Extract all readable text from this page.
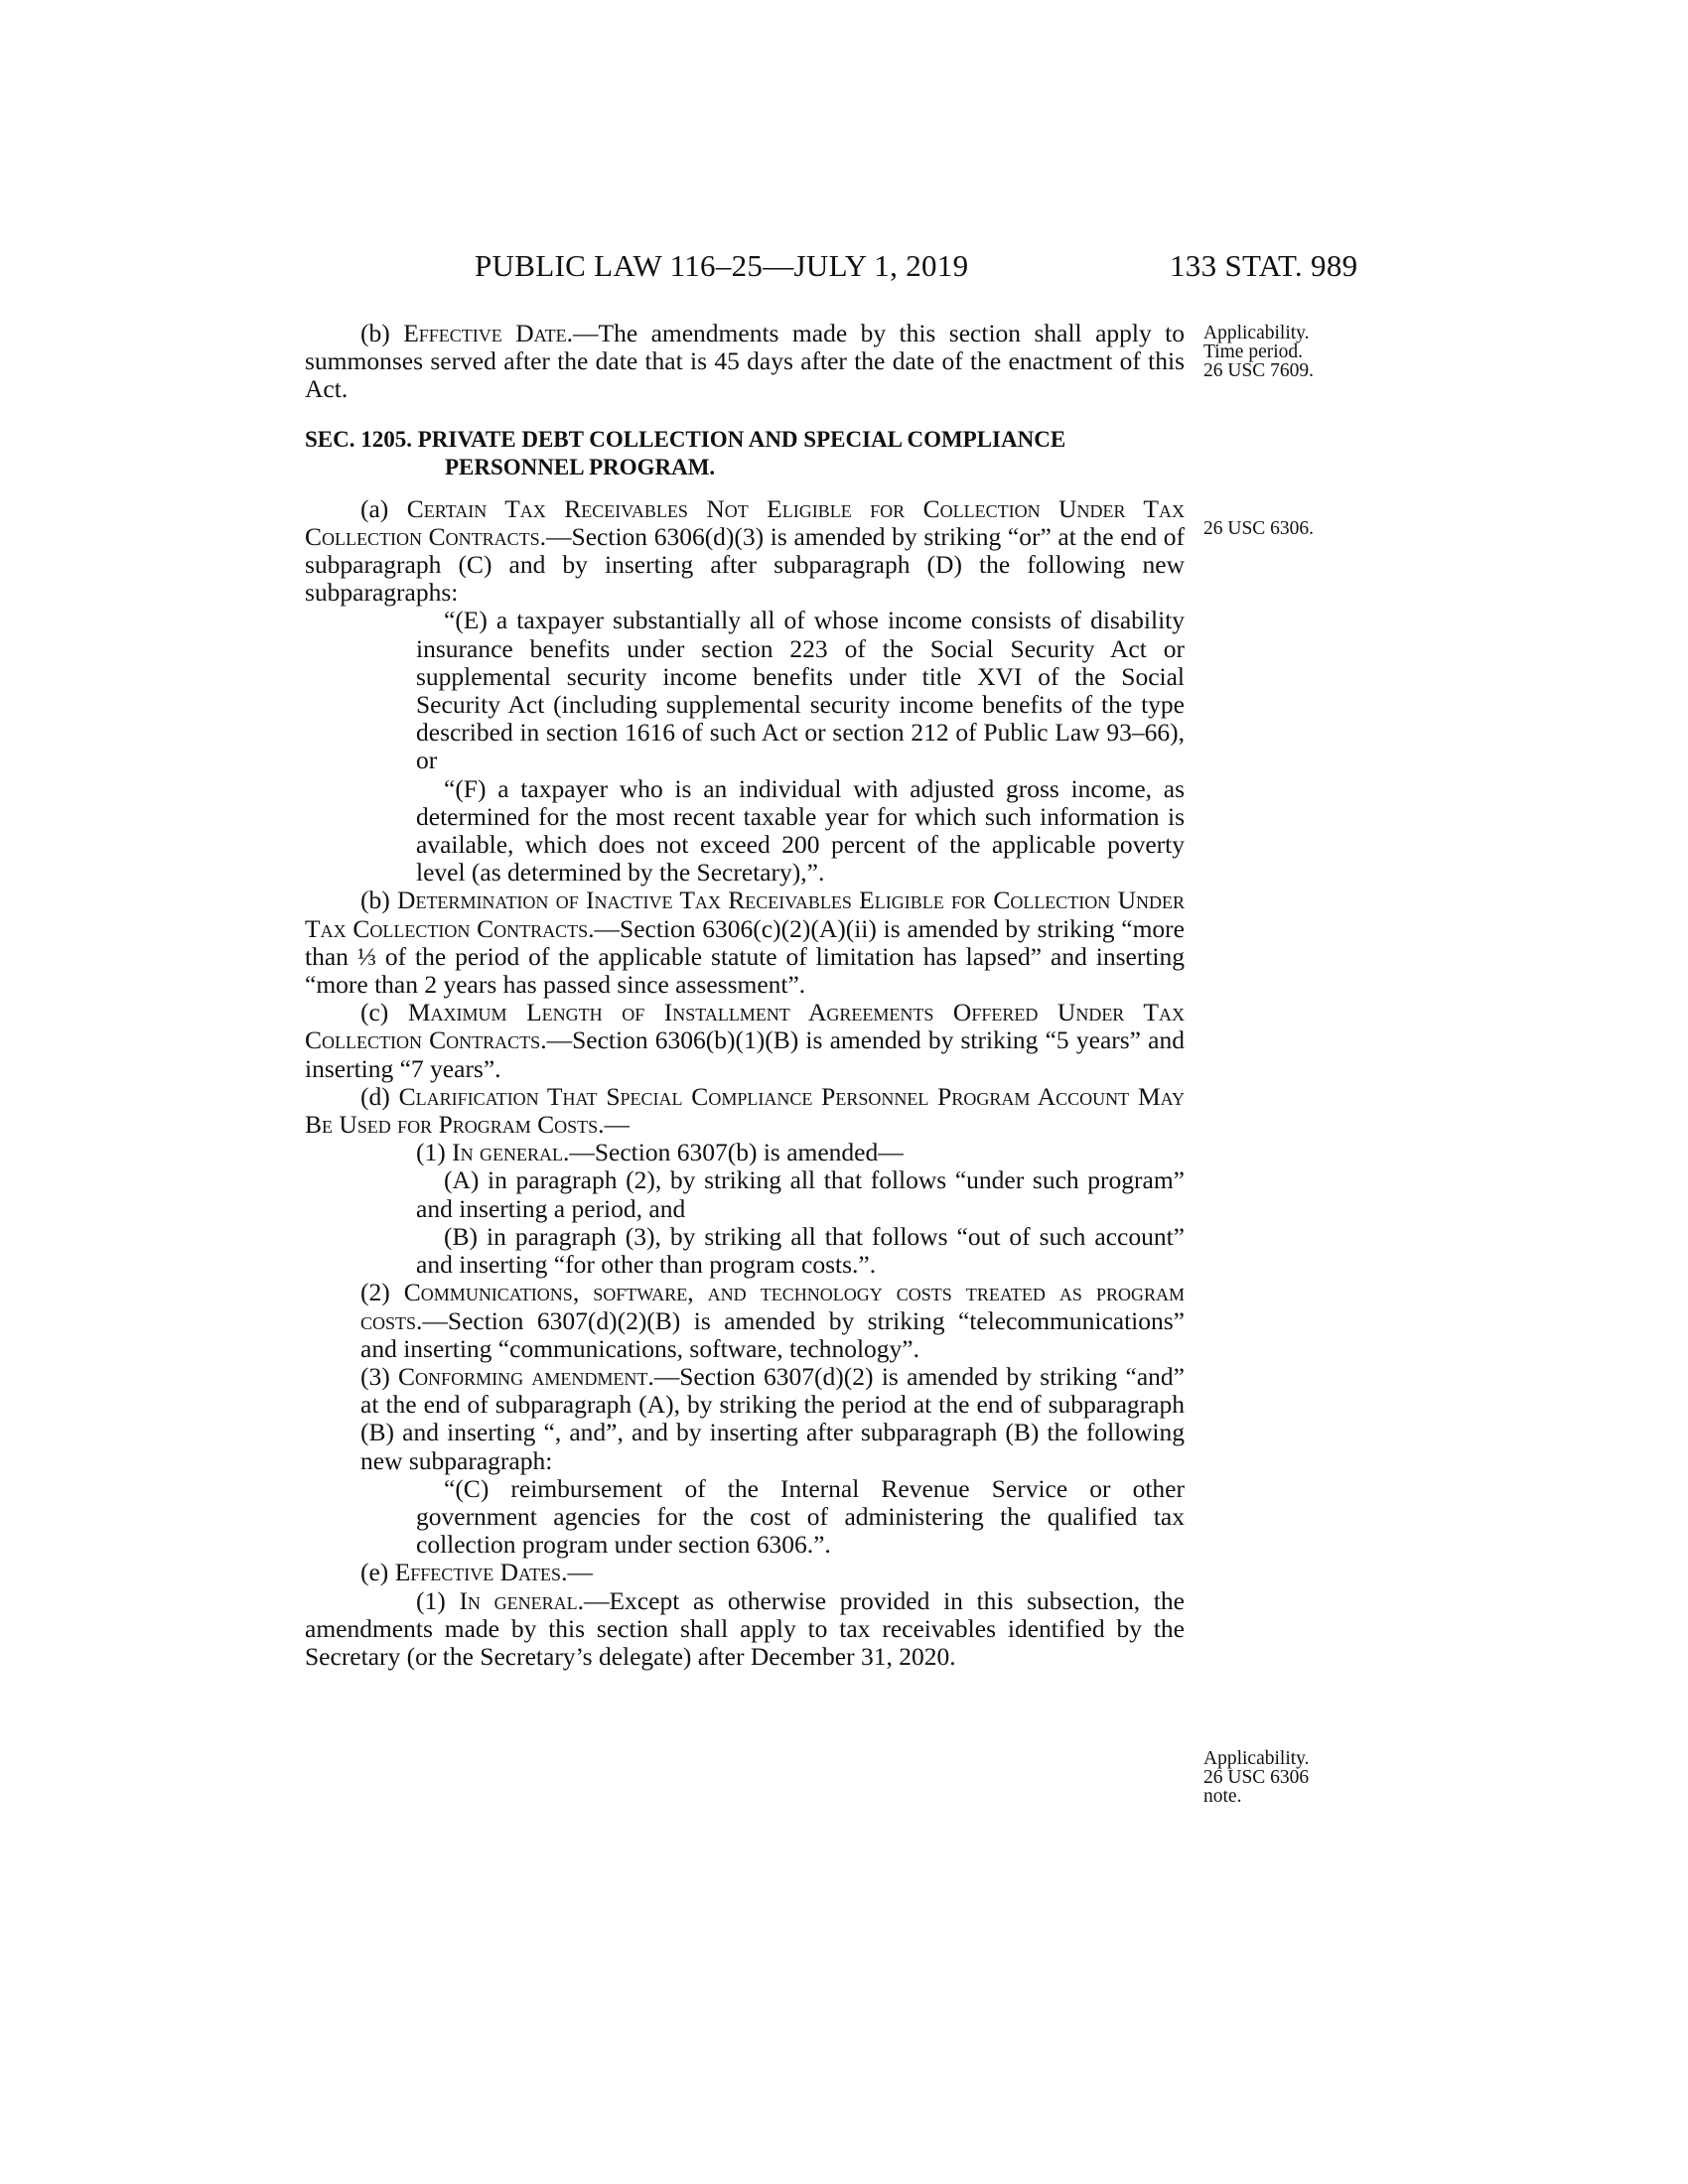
PUBLIC LAW 116–25—JULY 1, 2019	133 STAT. 989
Applicability.
Time period.
26 USC 7609.
26 USC 6306.
Applicability.
26 USC 6306
note.

(b) Effective Date.—The amendments made by this section shall apply to summonses served after the date that is 45 days after the date of the enactment of this Act.

SEC. 1205. PRIVATE DEBT COLLECTION AND SPECIAL COMPLIANCE
PERSONNEL PROGRAM.

(a) Certain Tax Receivables Not Eligible for Collection Under Tax Collection Contracts.—Section 6306(d)(3) is amended by striking “or” at the end of subparagraph (C) and by inserting after subparagraph (D) the following new subparagraphs:

“(E) a taxpayer substantially all of whose income consists of disability insurance benefits under section 223 of the Social Security Act or supplemental security income benefits under title XVI of the Social Security Act (including supplemental security income benefits of the type described in section 1616 of such Act or section 212 of Public Law 93–66), or

“(F) a taxpayer who is an individual with adjusted gross income, as determined for the most recent taxable year for which such information is available, which does not exceed 200 percent of the applicable poverty level (as determined by the Secretary),”.

(b) Determination of Inactive Tax Receivables Eligible for Collection Under Tax Collection Contracts.—Section 6306(c)(2)(A)(ii) is amended by striking “more than ⅓ of the period of the applicable statute of limitation has lapsed” and inserting “more than 2 years has passed since assessment”.

(c) Maximum Length of Installment Agreements Offered Under Tax Collection Contracts.—Section 6306(b)(1)(B) is amended by striking “5 years” and inserting “7 years”.

(d) Clarification That Special Compliance Personnel Program Account May Be Used for Program Costs.—

(1) In general.—Section 6307(b) is amended—

(A) in paragraph (2), by striking all that follows “under such program” and inserting a period, and

(B) in paragraph (3), by striking all that follows “out of such account” and inserting “for other than program costs.”.

(2) Communications, software, and technology costs treated as program costs.—Section 6307(d)(2)(B) is amended by striking “telecommunications” and inserting “communications, software, technology”.

(3) Conforming amendment.—Section 6307(d)(2) is amended by striking “and” at the end of subparagraph (A), by striking the period at the end of subparagraph (B) and inserting “, and”, and by inserting after subparagraph (B) the following new subparagraph:

“(C) reimbursement of the Internal Revenue Service or other government agencies for the cost of administering the qualified tax collection program under section 6306.”.

(e) Effective Dates.—

(1) In general.—Except as otherwise provided in this subsection, the amendments made by this section shall apply to tax receivables identified by the Secretary (or the Secretary’s delegate) after December 31, 2020.
